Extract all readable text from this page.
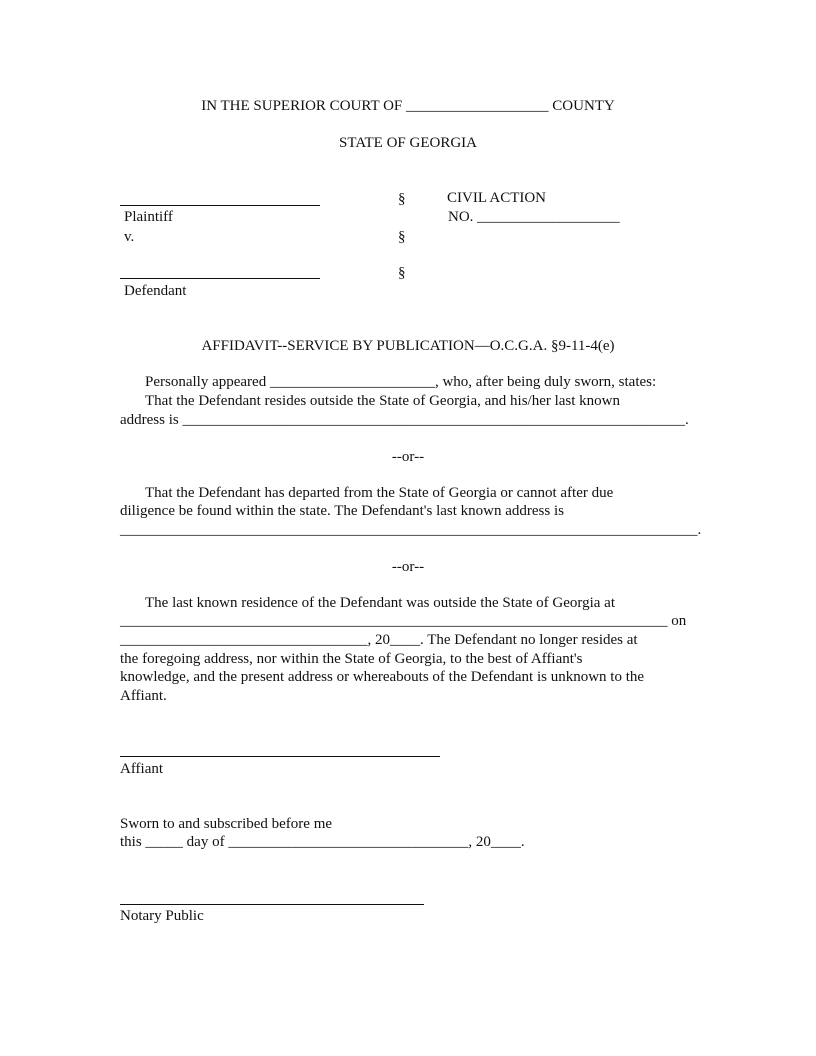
IN THE SUPERIOR COURT OF ___________________ COUNTY
STATE OF GEORGIA
Plaintiff
v.
Defendant
§
§
§
CIVIL ACTION
NO. ___________________
AFFIDAVIT--SERVICE BY PUBLICATION—O.C.G.A. §9-11-4(e)
Personally appeared ______________________, who, after being duly sworn, states:
That the Defendant resides outside the State of Georgia, and his/her last known
address is ___________________________________________________________________.
--or--
That the Defendant has departed from the State of Georgia or cannot after due
diligence be found within the state. The Defendant's last known address is
_____________________________________________________________________________.
--or--
The last known residence of the Defendant was outside the State of Georgia at
_________________________________________________________________________ on
_________________________________, 20____. The Defendant no longer resides at
the foregoing address, nor within the State of Georgia, to the best of Affiant's
knowledge, and the present address or whereabouts of the Defendant is unknown to the
Affiant.
Affiant
Sworn to and subscribed before me
this _____ day of ________________________________, 20____.
Notary Public
